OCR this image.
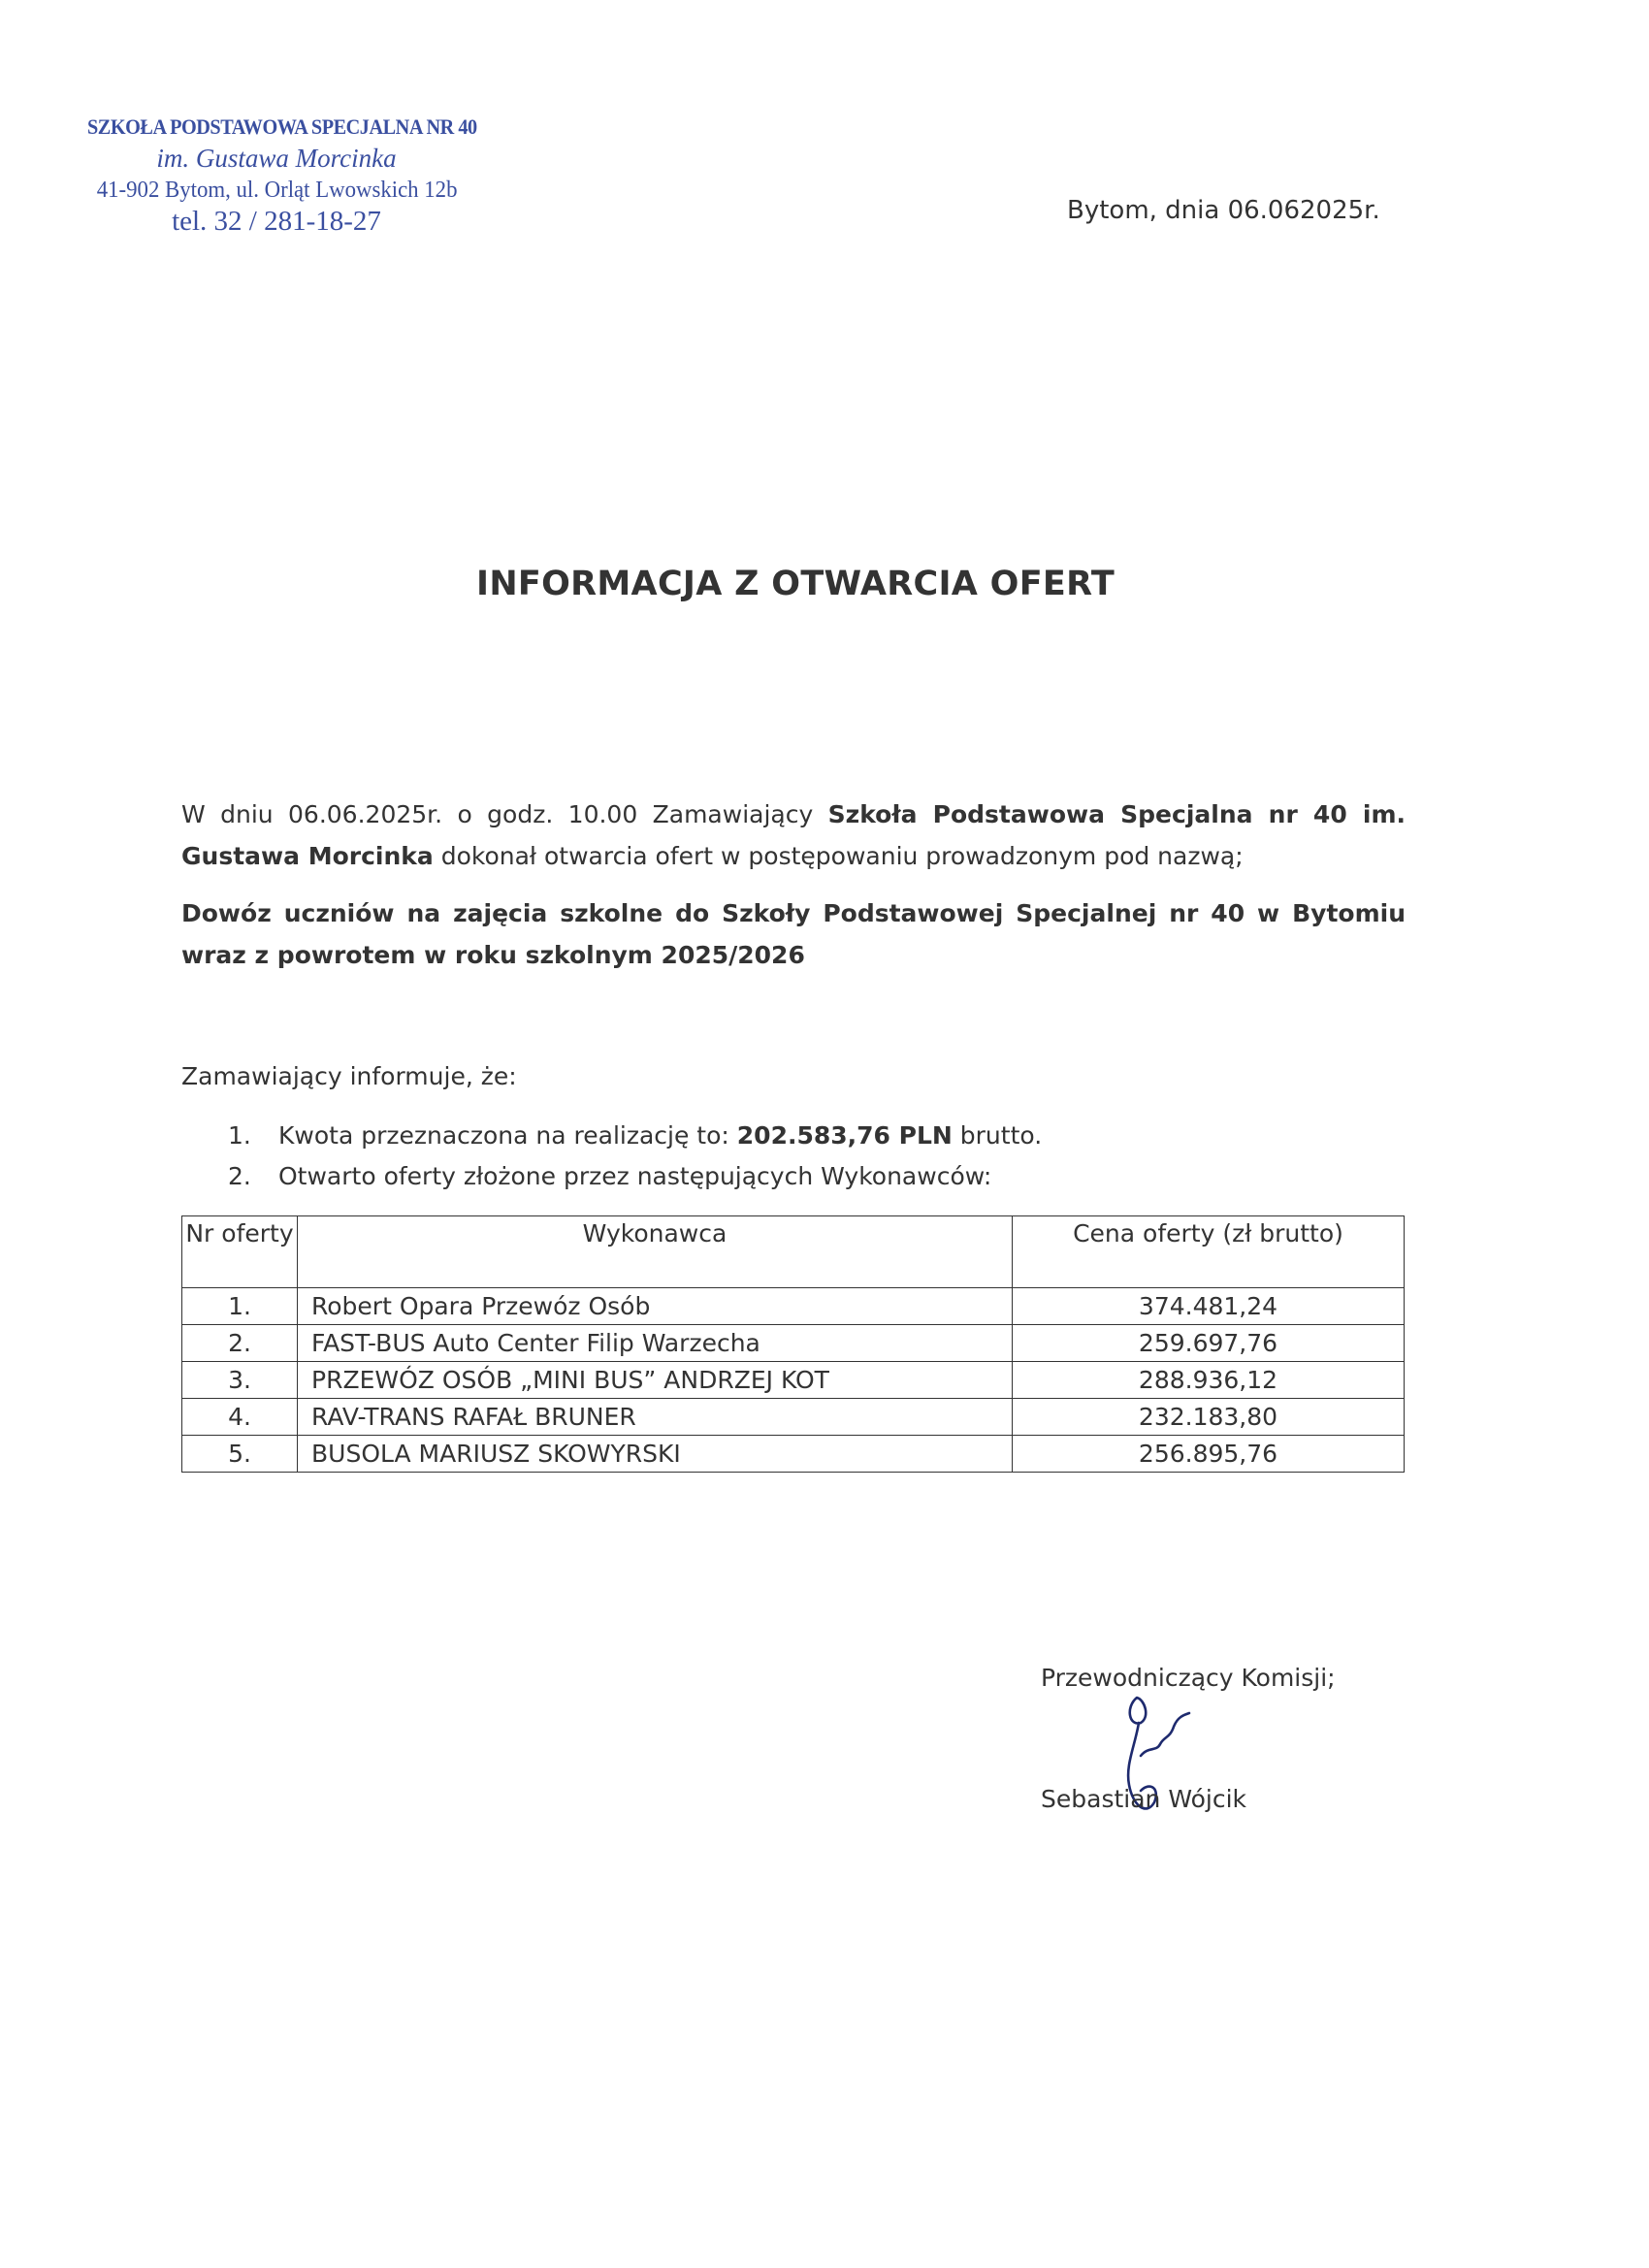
SZKOŁA PODSTAWOWA SPECJALNA NR 40
im. Gustawa Morcinka
41-902 Bytom, ul. Orląt Lwowskich 12b
tel. 32 / 281-18-27	Bytom, dnia 06.062025r.
INFORMACJA Z OTWARCIA OFERT
W dniu 06.06.2025r. o godz. 10.00 Zamawiający Szkoła Podstawowa Specjalna nr 40 im. Gustawa Morcinka dokonał otwarcia ofert w postępowaniu prowadzonym pod nazwą;
Dowóz uczniów na zajęcia szkolne do Szkoły Podstawowej Specjalnej nr 40 w Bytomiu wraz z powrotem w roku szkolnym 2025/2026
Zamawiający informuje, że:
1. Kwota przeznaczona na realizację to: 202.583,76 PLN brutto.
2. Otwarto oferty złożone przez następujących Wykonawców:
Nr oferty	Wykonawca	Cena oferty (zł brutto)
1.	Robert Opara Przewóz Osób	374.481,24
2.	FAST-BUS Auto Center Filip Warzecha	259.697,76
3.	PRZEWÓZ OSÓB „MINI BUS” ANDRZEJ KOT	288.936,12
4.	RAV-TRANS RAFAŁ BRUNER	232.183,80
5.	BUSOLA MARIUSZ SKOWYRSKI	256.895,76
Przewodniczący Komisji;
Sebastian Wójcik
